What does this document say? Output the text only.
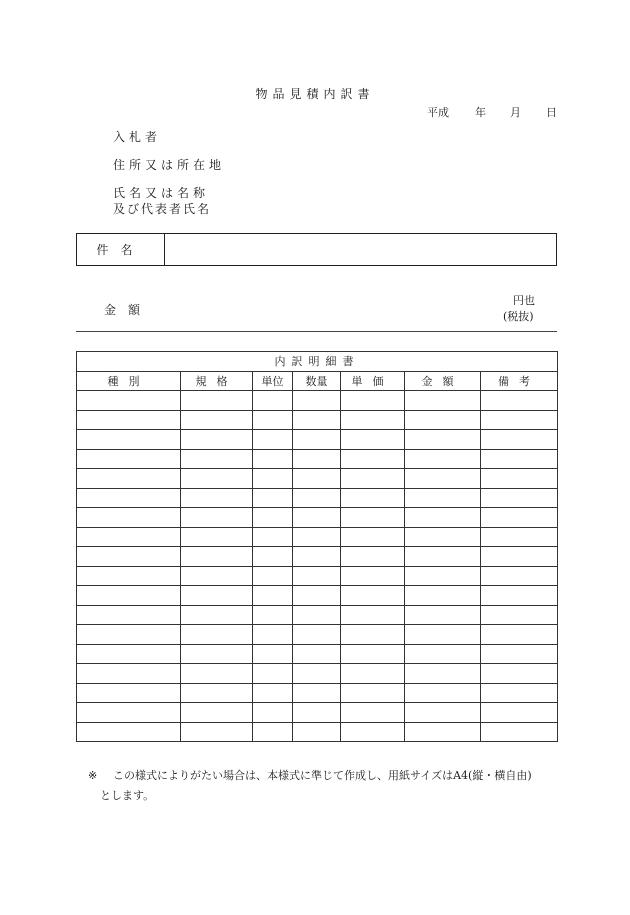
物品見積内訳書
平成 年 月 日
入札者
住所又は所在地
氏名又は名称
及び代表者氏名
件名
金額
円也
(税抜)
内訳明細書						
種別	規格	単位	数量	単価	金額	備考

※ この様式によりがたい場合は、本様式に準じて作成し、用紙サイズはA4(縦・横自由)
とします。
